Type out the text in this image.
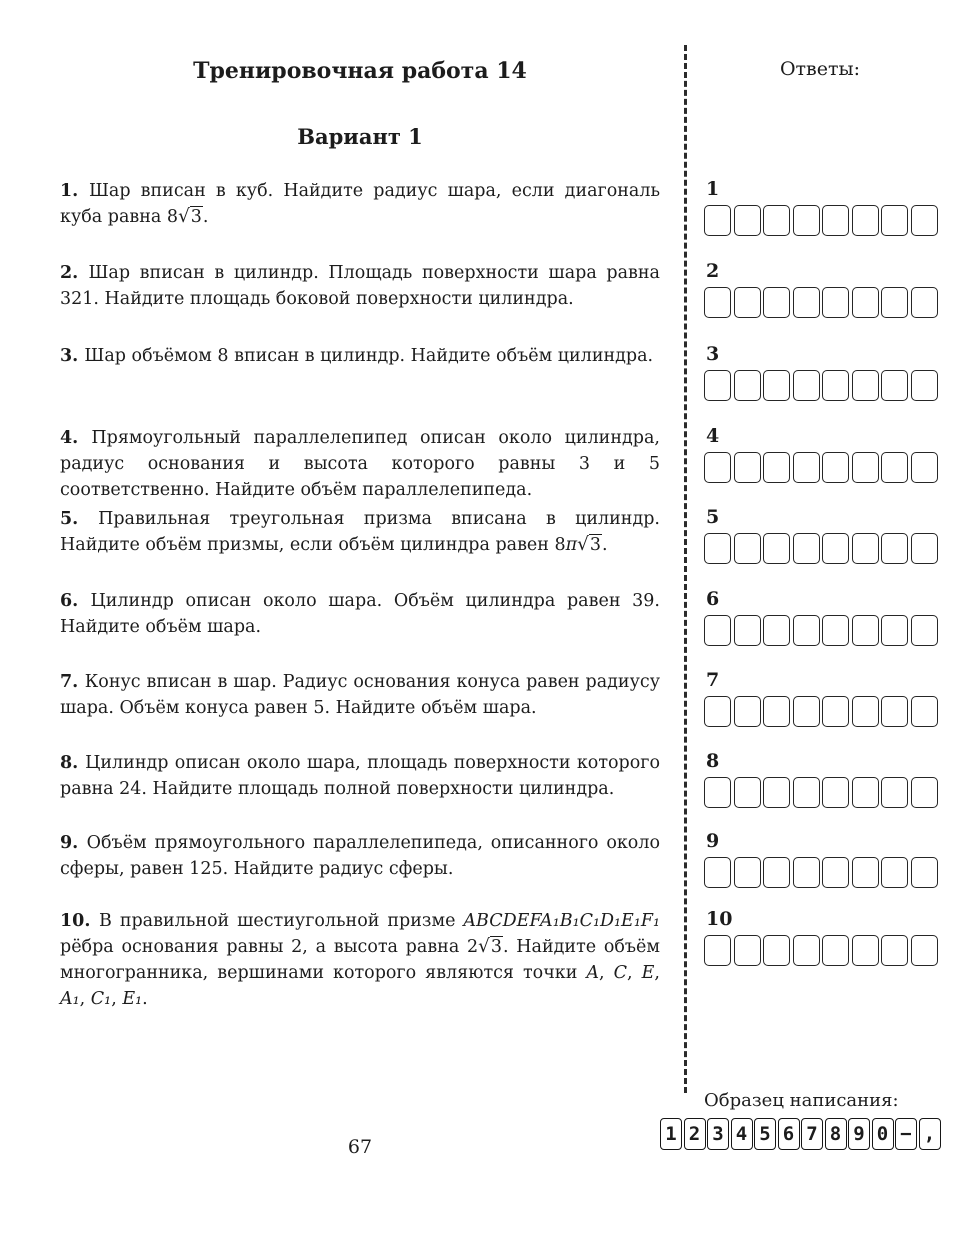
Тренировочная работа 14
Вариант 1
1. Шар вписан в куб. Найдите радиус шара, если диагональ куба равна 8√3.
2. Шар вписан в цилиндр. Площадь поверхности шара равна 321. Найдите площадь боковой поверхности цилиндра.
3. Шар объёмом 8 вписан в цилиндр. Найдите объём цилиндра.
4. Прямоугольный параллелепипед описан около цилиндра, радиус основания и высота которого равны 3 и 5 соответственно. Найдите объём параллелепипеда.
5. Правильная треугольная призма вписана в цилиндр. Найдите объём призмы, если объём цилиндра равен 8π√3.
6. Цилиндр описан около шара. Объём цилиндра равен 39. Найдите объём шара.
7. Конус вписан в шар. Радиус основания конуса равен радиусу шара. Объём конуса равен 5. Найдите объём шара.
8. Цилиндр описан около шара, площадь поверхности которого равна 24. Найдите площадь полной поверхности цилиндра.
9. Объём прямоугольного параллелепипеда, описанного около сферы, равен 125. Найдите радиус сферы.
10. В правильной шестиугольной призме ABCDEFA₁B₁C₁D₁E₁F₁ рёбра основания равны 2, а высота равна 2√3. Найдите объём многогранника, вершинами которого являются точки A, C, E, A₁, C₁, E₁.
67
Ответы:
1
2
3
4
5
6
7
8
9
10
Образец написания:
1 2 3 4 5 6 7 8 9 0 − ,
